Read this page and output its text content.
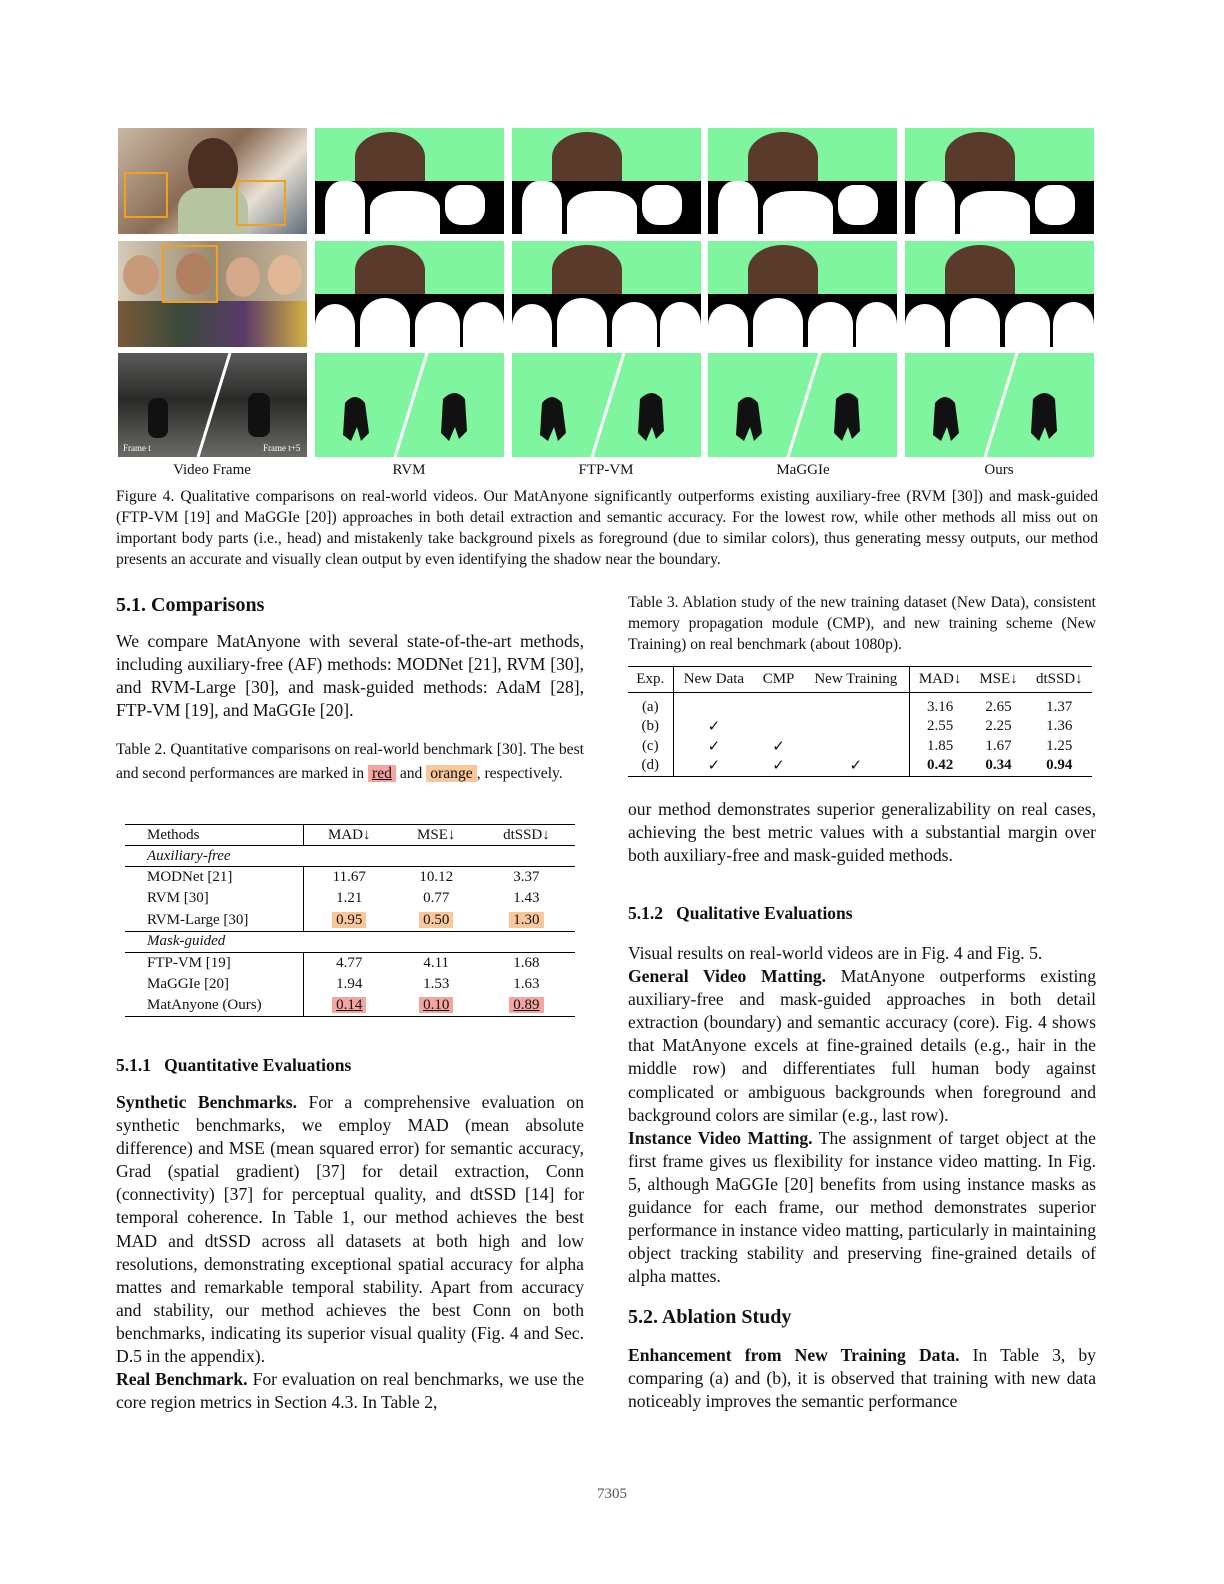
Frame t	Frame t+5
Video Frame	RVM	FTP-VM	MaGGIe	Ours
Figure 4. Qualitative comparisons on real-world videos. Our MatAnyone significantly outperforms existing auxiliary-free (RVM [30]) and mask-guided (FTP-VM [19] and MaGGIe [20]) approaches in both detail extraction and semantic accuracy. For the lowest row, while other methods all miss out on important body parts (i.e., head) and mistakenly take background pixels as foreground (due to similar colors), thus generating messy outputs, our method presents an accurate and visually clean output by even identifying the shadow near the boundary.
5.1. Comparisons
We compare MatAnyone with several state-of-the-art methods, including auxiliary-free (AF) methods: MODNet [21], RVM [30], and RVM-Large [30], and mask-guided methods: AdaM [28], FTP-VM [19], and MaGGIe [20].
Table 2. Quantitative comparisons on real-world benchmark [30]. The best and second performances are marked in red and orange , respectively.
Methods	MAD↓	MSE↓	dtSSD↓
Auxiliary-free			
MODNet [21]	11.67	10.12	3.37
RVM [30]	1.21	0.77	1.43
RVM-Large [30]	0.95	0.50	1.30
Mask-guided			
FTP-VM [19]	4.77	4.11	1.68
MaGGIe [20]	1.94	1.53	1.63
MatAnyone (Ours)	0.14	0.10	0.89
5.1.1 Quantitative Evaluations
Synthetic Benchmarks. For a comprehensive evaluation on synthetic benchmarks, we employ MAD (mean absolute difference) and MSE (mean squared error) for semantic accuracy, Grad (spatial gradient) [37] for detail extraction, Conn (connectivity) [37] for perceptual quality, and dtSSD [14] for temporal coherence. In Table 1, our method achieves the best MAD and dtSSD across all datasets at both high and low resolutions, demonstrating exceptional spatial accuracy for alpha mattes and remarkable temporal stability. Apart from accuracy and stability, our method achieves the best Conn on both benchmarks, indicating its superior visual quality (Fig. 4 and Sec. D.5 in the appendix).
Real Benchmark. For evaluation on real benchmarks, we use the core region metrics in Section 4.3. In Table 2,
Table 3. Ablation study of the new training dataset (New Data), consistent memory propagation module (CMP), and new training scheme (New Training) on real benchmark (about 1080p).
Exp.	New Data	CMP	New Training	MAD↓	MSE↓	dtSSD↓
(a)				3.16	2.65	1.37
(b)	✓			2.55	2.25	1.36
(c)	✓	✓		1.85	1.67	1.25
(d)	✓	✓	✓	0.42	0.34	0.94
our method demonstrates superior generalizability on real cases, achieving the best metric values with a substantial margin over both auxiliary-free and mask-guided methods.
5.1.2 Qualitative Evaluations
Visual results on real-world videos are in Fig. 4 and Fig. 5.
General Video Matting. MatAnyone outperforms existing auxiliary-free and mask-guided approaches in both detail extraction (boundary) and semantic accuracy (core). Fig. 4 shows that MatAnyone excels at fine-grained details (e.g., hair in the middle row) and differentiates full human body against complicated or ambiguous backgrounds when foreground and background colors are similar (e.g., last row).
Instance Video Matting. The assignment of target object at the first frame gives us flexibility for instance video matting. In Fig. 5, although MaGGIe [20] benefits from using instance masks as guidance for each frame, our method demonstrates superior performance in instance video matting, particularly in maintaining object tracking stability and preserving fine-grained details of alpha mattes.
5.2. Ablation Study
Enhancement from New Training Data. In Table 3, by comparing (a) and (b), it is observed that training with new data noticeably improves the semantic performance
7305
